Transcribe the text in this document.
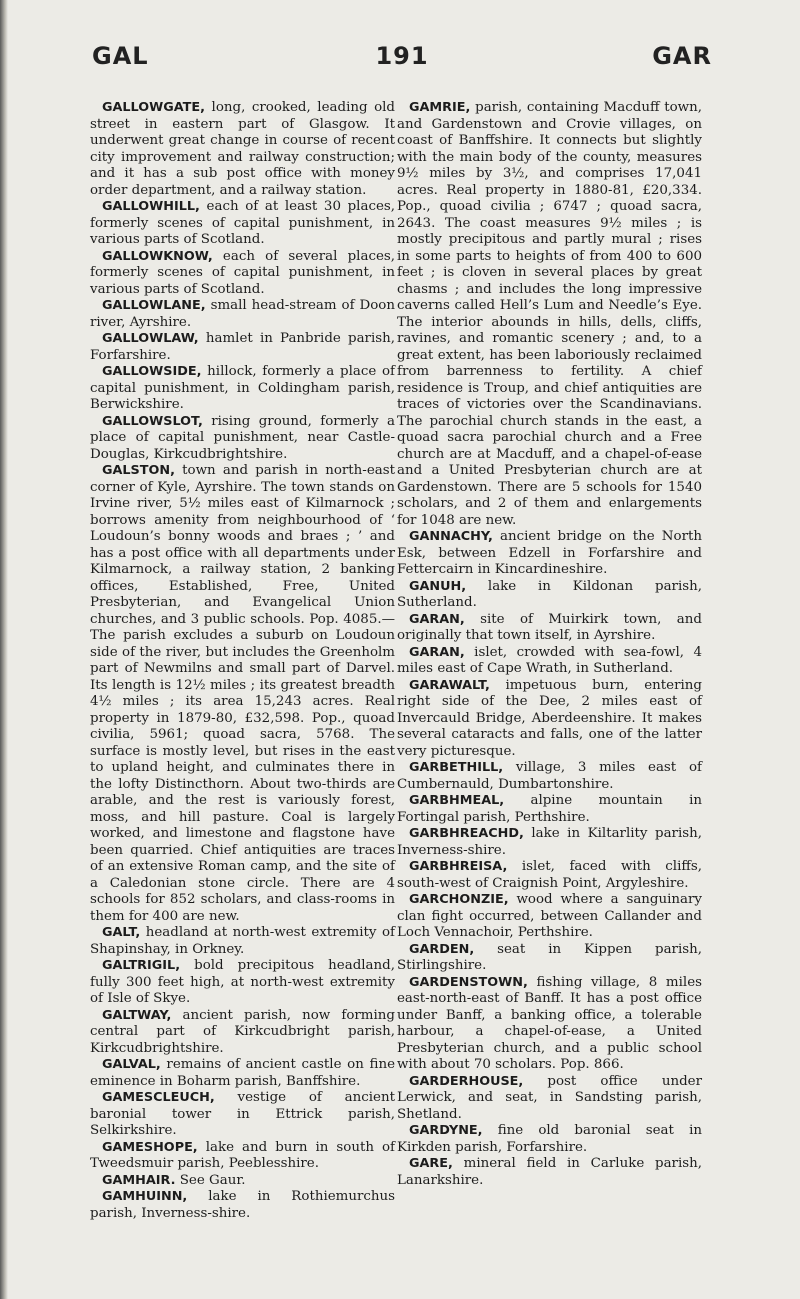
GAL	191	GAR

GALLOWGATE, long, crooked, leading old street in eastern part of Glasgow. It underwent great change in course of recent city improvement and railway construction; and it has a sub post office with money order department, and a railway station.

GALLOWHILL, each of at least 30 places, formerly scenes of capital punishment, in various parts of Scotland.

GALLOWKNOW, each of several places, formerly scenes of capital punishment, in various parts of Scotland.

GALLOWLANE, small head-stream of Doon river, Ayrshire.

GALLOWLAW, hamlet in Panbride parish, Forfarshire.

GALLOWSIDE, hillock, formerly a place of capital punishment, in Coldingham parish, Berwickshire.

GALLOWSLOT, rising ground, formerly a place of capital punishment, near Castle-Douglas, Kirkcudbrightshire.

GALSTON, town and parish in north-east corner of Kyle, Ayrshire. The town stands on Irvine river, 5½ miles east of Kilmarnock ; borrows amenity from neighbourhood of ‘ Loudoun’s bonny woods and braes ; ’ and has a post office with all departments under Kilmarnock, a railway station, 2 banking offices, Established, Free, United Presbyterian, and Evangelical Union churches, and 3 public schools. Pop. 4085.—The parish excludes a suburb on Loudoun side of the river, but includes the Greenholm part of Newmilns and small part of Darvel. Its length is 12½ miles ; its greatest breadth 4½ miles ; its area 15,243 acres. Real property in 1879-80, £32,598. Pop., quoad civilia, 5961; quoad sacra, 5768. The surface is mostly level, but rises in the east to upland height, and culminates there in the lofty Distincthorn. About two-thirds are arable, and the rest is variously forest, moss, and hill pasture. Coal is largely worked, and limestone and flagstone have been quarried. Chief antiquities are traces of an extensive Roman camp, and the site of a Caledonian stone circle. There are 4 schools for 852 scholars, and class-rooms in them for 400 are new.

GALT, headland at north-west extremity of Shapinshay, in Orkney.

GALTRIGIL, bold precipitous headland, fully 300 feet high, at north-west extremity of Isle of Skye.

GALTWAY, ancient parish, now forming central part of Kirkcudbright parish, Kirkcudbrightshire.

GALVAL, remains of ancient castle on fine eminence in Boharm parish, Banffshire.

GAMESCLEUCH, vestige of ancient baronial tower in Ettrick parish, Selkirkshire.

GAMESHOPE, lake and burn in south of Tweedsmuir parish, Peeblesshire.

GAMHAIR. See Gaur.

GAMHUINN, lake in Rothiemurchus parish, Inverness-shire.

GAMRIE, parish, containing Macduff town, and Gardenstown and Crovie villages, on coast of Banffshire. It connects but slightly with the main body of the county, measures 9½ miles by 3½, and comprises 17,041 acres. Real property in 1880-81, £20,334. Pop., quoad civilia ; 6747 ; quoad sacra, 2643. The coast measures 9½ miles ; is mostly precipitous and partly mural ; rises in some parts to heights of from 400 to 600 feet ; is cloven in several places by great chasms ; and includes the long impressive caverns called Hell’s Lum and Needle’s Eye. The interior abounds in hills, dells, cliffs, ravines, and romantic scenery ; and, to a great extent, has been laboriously reclaimed from barrenness to fertility. A chief residence is Troup, and chief antiquities are traces of victories over the Scandinavians. The parochial church stands in the east, a quoad sacra parochial church and a Free church are at Macduff, and a chapel-of-ease and a United Presbyterian church are at Gardenstown. There are 5 schools for 1540 scholars, and 2 of them and enlargements for 1048 are new.

GANNACHY, ancient bridge on the North Esk, between Edzell in Forfarshire and Fettercairn in Kincardineshire.

GANUH, lake in Kildonan parish, Sutherland.

GARAN, site of Muirkirk town, and originally that town itself, in Ayrshire.

GARAN, islet, crowded with sea-fowl, 4 miles east of Cape Wrath, in Sutherland.

GARAWALT, impetuous burn, entering right side of the Dee, 2 miles east of Invercauld Bridge, Aberdeenshire. It makes several cataracts and falls, one of the latter very picturesque.

GARBETHILL, village, 3 miles east of Cumbernauld, Dumbartonshire.

GARBHMEAL, alpine mountain in Fortingal parish, Perthshire.

GARBHREACHD, lake in Kiltarlity parish, Inverness-shire.

GARBHREISA, islet, faced with cliffs, south-west of Craignish Point, Argyleshire.

GARCHONZIE, wood where a sanguinary clan fight occurred, between Callander and Loch Vennachoir, Perthshire.

GARDEN, seat in Kippen parish, Stirlingshire.

GARDENSTOWN, fishing village, 8 miles east-north-east of Banff. It has a post office under Banff, a banking office, a tolerable harbour, a chapel-of-ease, a United Presbyterian church, and a public school with about 70 scholars. Pop. 866.

GARDERHOUSE, post office under Lerwick, and seat, in Sandsting parish, Shetland.

GARDYNE, fine old baronial seat in Kirkden parish, Forfarshire.

GARE, mineral field in Carluke parish, Lanarkshire.
